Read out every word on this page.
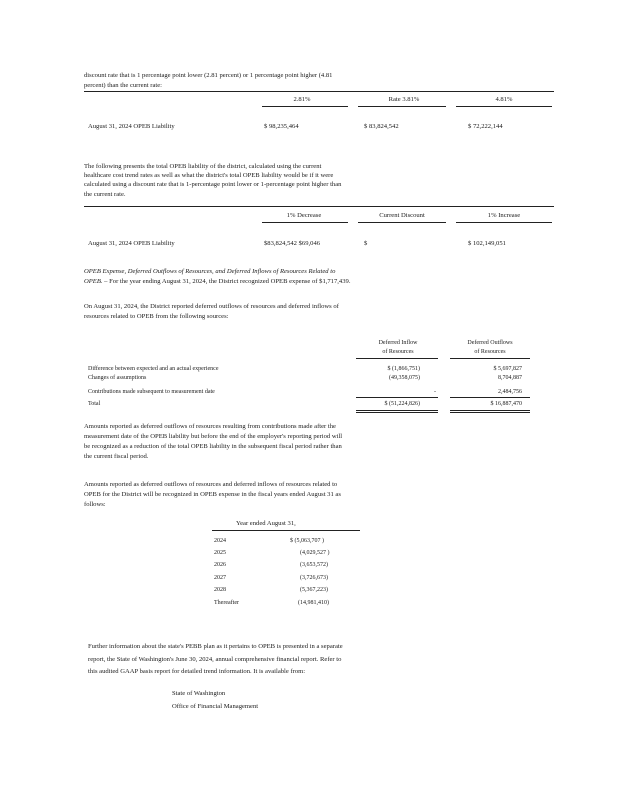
discount rate that is 1 percentage point lower (2.81 percent) or 1 percentage point higher (4.81
percent) than the current rate:
2.81%	Rate 3.81%	4.81%
August 31, 2024 OPEB Liability	$ 98,235,464	$ 83,824,542	$ 72,222,144
The following presents the total OPEB liability of the district, calculated using the current
healthcare cost trend rates as well as what the district's total OPEB liability would be if it were
calculated using a discount rate that is 1-percentage point lower or 1-percentage point higher than
the current rate.
1% Decrease	Current Discount	1% Increase
August 31, 2024 OPEB Liability	$83,824,542 $69,046	$	$ 102,149,051
OPEB Expense, Deferred Outflows of Resources, and Deferred Inflows of Resources Related to
OPEB. – For the year ending August 31, 2024, the District recognized OPEB expense of $1,717,439.
On August 31, 2024, the District reported deferred outflows of resources and deferred inflows of
resources related to OPEB from the following sources:
Deferred Inflow
of Resources
Deferred Outflows
of Resources
Difference between expected and an actual experience	$ (1,866,751)	$ 5,697,827
Changes of assumptions	(49,358,075)	8,704,887
Contributions made subsequent to measurement date	-	2,484,756
Total	$ (51,224,826)	$ 16,887,470
Amounts reported as deferred outflows of resources resulting from contributions made after the
measurement date of the OPEB liability but before the end of the employer's reporting period will
be recognized as a reduction of the total OPEB liability in the subsequent fiscal period rather than
the current fiscal period.
Amounts reported as deferred outflows of resources and deferred inflows of resources related to
OPEB for the District will be recognized in OPEB expense in the fiscal years ended August 31 as
follows:
Year ended August 31,
2024	$ (5,063,707 )
2025	(4,029,527 )
2026	(3,653,572)
2027	(3,726,673)
2028	(5,367,223)
Thereafter	(14,981,410)
Further information about the state's PEBB plan as it pertains to OPEB is presented in a separate
report, the State of Washington's June 30, 2024, annual comprehensive financial report. Refer to
this audited GAAP basis report for detailed trend information. It is available from:
State of Washington
Office of Financial Management
